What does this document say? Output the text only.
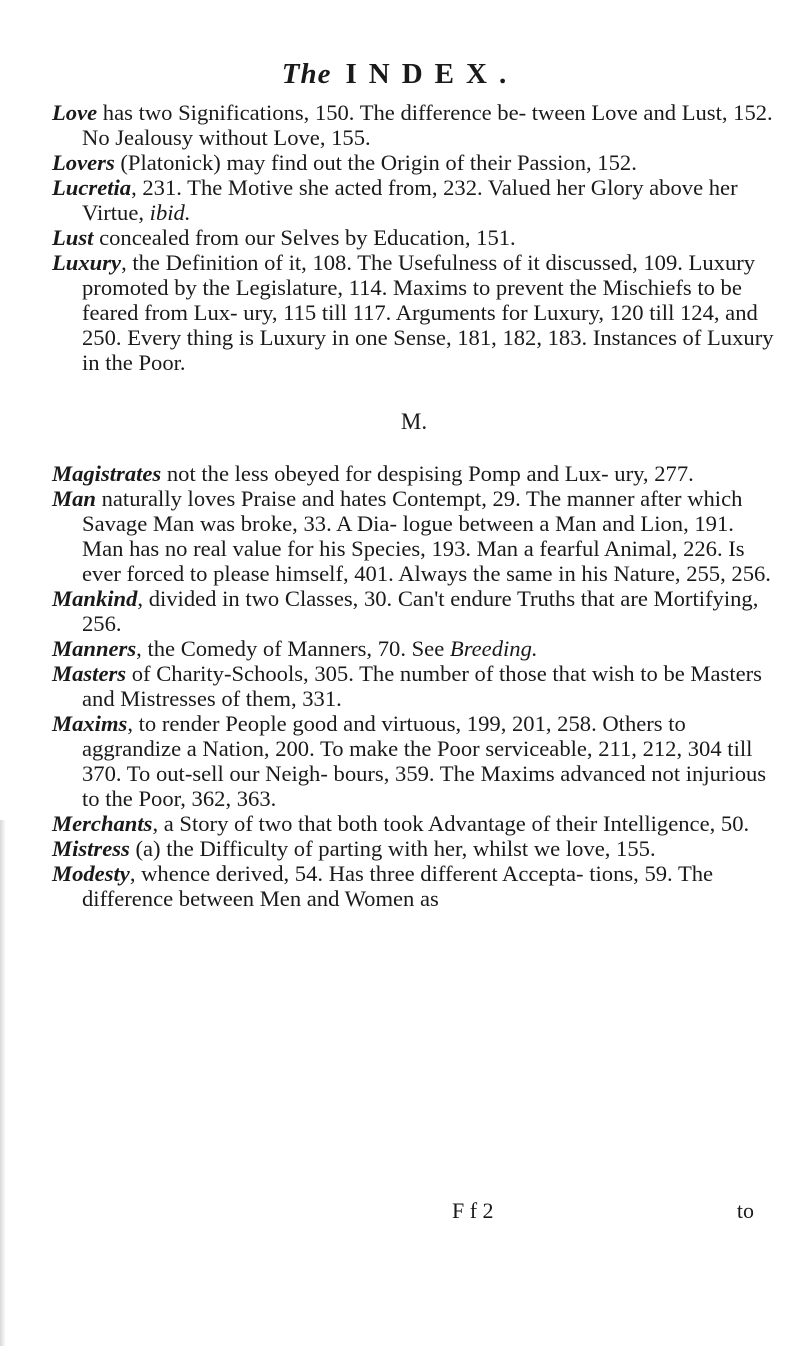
The INDEX.

Love has two Significations, 150. The difference be- tween Love and Lust, 152. No Jealousy without Love, 155.

Lovers (Platonick) may find out the Origin of their Passion, 152.

Lucretia, 231. The Motive she acted from, 232. Valued her Glory above her Virtue, ibid.

Lust concealed from our Selves by Education, 151.

Luxury, the Definition of it, 108. The Usefulness of it discussed, 109. Luxury promoted by the Legislature, 114. Maxims to prevent the Mischiefs to be feared from Lux- ury, 115 till 117. Arguments for Luxury, 120 till 124, and 250. Every thing is Luxury in one Sense, 181, 182, 183. Instances of Luxury in the Poor.

M.

Magistrates not the less obeyed for despising Pomp and Lux- ury, 277.

Man naturally loves Praise and hates Contempt, 29. The manner after which Savage Man was broke, 33. A Dia- logue between a Man and Lion, 191. Man has no real value for his Species, 193. Man a fearful Animal, 226. Is ever forced to please himself, 401. Always the same in his Nature, 255, 256.

Mankind, divided in two Classes, 30. Can't endure Truths that are Mortifying, 256.

Manners, the Comedy of Manners, 70. See Breeding.

Masters of Charity-Schools, 305. The number of those that wish to be Masters and Mistresses of them, 331.

Maxims, to render People good and virtuous, 199, 201, 258. Others to aggrandize a Nation, 200. To make the Poor serviceable, 211, 212, 304 till 370. To out-sell our Neigh- bours, 359. The Maxims advanced not injurious to the Poor, 362, 363.

Merchants, a Story of two that both took Advantage of their Intelligence, 50.

Mistress (a) the Difficulty of parting with her, whilst we love, 155.

Modesty, whence derived, 54. Has three different Accepta- tions, 59. The difference between Men and Women as

F f 2	to
